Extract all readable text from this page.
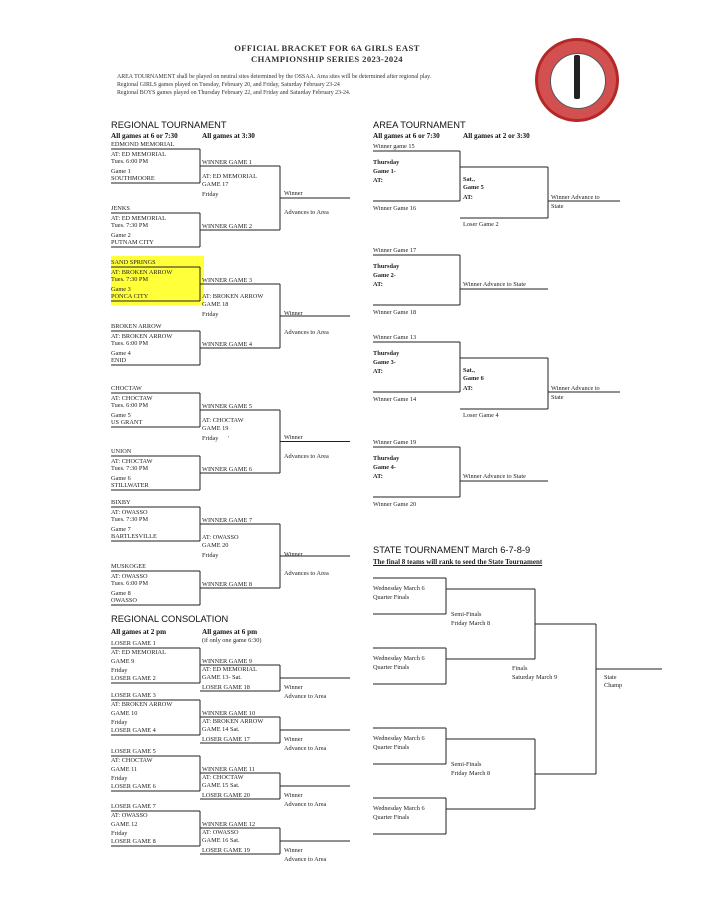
OFFICIAL BRACKET FOR 6A GIRLS EAST
CHAMPIONSHIP SERIES 2023-2024
AREA TOURNAMENT shall be played on neutral sites determined by the OSSAA. Area sites will be determined after regional play.
Regional GIRLS games played on Tuesday, February 20, and Friday, Saturday February 23-24
Regional BOYS games played on Thursday February 22, and Friday and Saturday February 23-24.
REGIONAL TOURNAMENT
All games at 6 or 7:30	All games at 3:30
EDMOND MEMORIAL
AT: ED MEMORIAL
Tues. 6:00 PM
Game 1
SOUTHMOORE
WINNER GAME 1
JENKS
AT: ED MEMORIAL
Tues. 7:30 PM
Game 2
PUTNAM CITY
WINNER GAME 2
SAND SPRINGS
AT: BROKEN ARROW
Tues. 7:30 PM
Game 3
PONCA CITY
WINNER GAME 3
BROKEN ARROW
AT: BROKEN ARROW
Tues. 6:00 PM
Game 4
ENID
WINNER GAME 4
CHOCTAW
AT: CHOCTAW
Tues. 6:00 PM
Game 5
US GRANT
WINNER GAME 5
UNION
AT: CHOCTAW
Tues. 7:30 PM
Game 6
STILLWATER
WINNER GAME 6
BIXBY
AT: OWASSO
Tues. 7:30 PM
Game 7
BARTLESVILLE
WINNER GAME 7
MUSKOGEE
AT: OWASSO
Tues. 6:00 PM
Game 8
OWASSO
WINNER GAME 8
AT: ED MEMORIAL
GAME 17
Friday	Winner
Advances to Area
AT: BROKEN ARROW
GAME 18
Friday	Winner
Advances to Area
AT: CHOCTAW
GAME 19
Friday '	Winner
Advances to Area
AT: OWASSO
GAME 20
Friday	Winner
Advances to Area
REGIONAL CONSOLATION
All games at 2 pm	All games at 6 pm
(if only one game 6:30)
LOSER GAME 1
AT: ED MEMORIAL
GAME 9
Friday
LOSER GAME 2
WINNER GAME 9
AT: ED MEMORIAL
GAME 13- Sat.
LOSER GAME 18	Winner
Advance to Area
LOSER GAME 3
AT: BROKEN ARROW
GAME 10
Friday
LOSER GAME 4
WINNER GAME 10
AT: BROKEN ARROW
GAME 14 Sat.
LOSER GAME 17	Winner
Advance to Area
LOSER GAME 5
AT: CHOCTAW
GAME 11
Friday
LOSER GAME 6
WINNER GAME 11
AT: CHOCTAW
GAME 15 Sat.
LOSER GAME 20	Winner
Advance to Area
LOSER GAME 7
AT: OWASSO
GAME 12
Friday
LOSER GAME 8
WINNER GAME 12
AT: OWASSO
GAME 16 Sat.
LOSER GAME 19	Winner
Advance to Area
AREA TOURNAMENT
All games at 6 or 7:30	All games at 2 or 3:30
Winner game 15
Thursday
Game 1-
AT:
Winner Game 16
Sat.,
Game 5
AT:
Loser Game 2
Winner Advance to
State
Winner Game 17
Thursday
Game 2-
AT:
Winner Game 18
Winner Advance to State
Winner Game 13
Thursday
Game 3-
AT:
Winner Game 14
Sat.,
Game 6
AT:
Loser Game 4
Winner Advance to
State
Winner Game 19
Thursday
Game 4-
AT:
Winner Game 20
Winner Advance to State
STATE TOURNAMENT March 6-7-8-9
The final 8 teams will rank to seed the State Tournament
Wednesday March 6
Quarter Finals
Wednesday March 6
Quarter Finals
Wednesday March 6
Quarter Finals
Wednesday March 6
Quarter Finals
Semi-Finals
Friday March 8
Semi-Finals
Friday March 8
Finals
Saturday March 9	State
Champ
